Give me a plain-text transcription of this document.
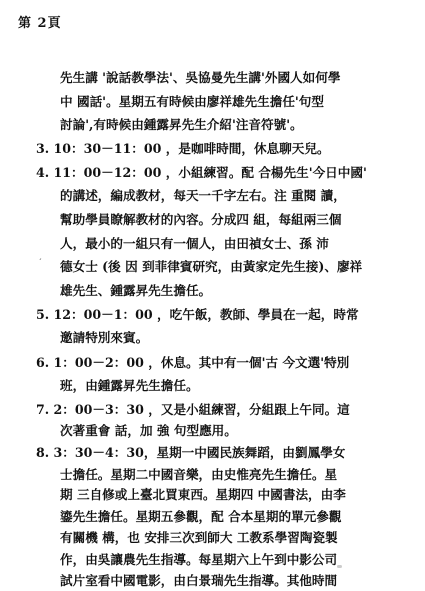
第 2頁
先生講 '說話教學法'、吳協曼先生講'外國人如何學
中 國話'。星期五有時候由廖祥雄先生擔任'句型
討論',有時候由鍾露昇先生介紹'注音符號'。
3. 10：30－11：00 ，是咖啡時間，休息聊天兒。
4. 11：00－12：00 ，小組練習。配 合楊先生'今日中國'
的講述，編成教材，每天一千字左右。注 重閱 讀，
幫助學員瞭解教材的內容。分成四 組，每組兩三個
人，最小的一組只有一個人，由田禎女士、孫 沛
德女士 (後 因 到菲律賓研究，由黃家定先生接)、廖祥
雄先生、鍾露昇先生擔任。
5. 12：00－1：00 ，吃午飯，教師、學員在一起，時常
邀請特別來賓。
6. 1：00－2：00 ，休息。其中有一個'古 今文選'特別
班，由鍾露昇先生擔任。
7. 2：00－3：30 ，又是小組練習，分組跟上午同。這
次著重會 話，加 強 句型應用。
8. 3：30－4：30，星期一中國民族舞蹈，由劉鳳學女
士擔任。星期二中國音樂，由史惟亮先生擔任。星
期 三自修或上臺北買東西。星期四 中國書法，由李
鎏先生擔任。星期五參觀，配 合本星期的單元參觀
有關機 構，也 安排三次到師大 工教系學習陶瓷製
作，由吳讓農先生指導。每星期六上午到中影公司
試片室看中國電影，由白景瑞先生指導。其他時間
´
